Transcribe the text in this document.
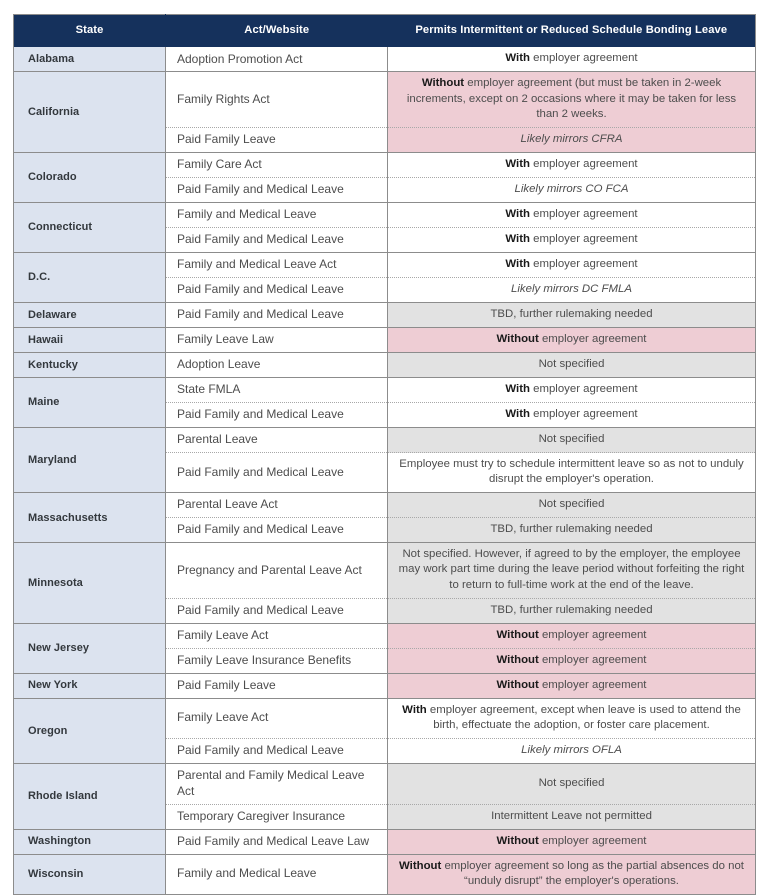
State	Act/Website	Permits Intermittent or Reduced Schedule Bonding Leave
Alabama	Adoption Promotion Act	With employer agreement
California	Family Rights Act	Without employer agreement (but must be taken in 2-week increments, except on 2 occasions where it may be taken for less than 2 weeks.
	Paid Family Leave	Likely mirrors CFRA
Colorado	Family Care Act	With employer agreement
	Paid Family and Medical Leave	Likely mirrors CO FCA
Connecticut	Family and Medical Leave	With employer agreement
	Paid Family and Medical Leave	With employer agreement
D.C.	Family and Medical Leave Act	With employer agreement
	Paid Family and Medical Leave	Likely mirrors DC FMLA
Delaware	Paid Family and Medical Leave	TBD, further rulemaking needed
Hawaii	Family Leave Law	Without employer agreement
Kentucky	Adoption Leave	Not specified
Maine	State FMLA	With employer agreement
	Paid Family and Medical Leave	With employer agreement
Maryland	Parental Leave	Not specified
	Paid Family and Medical Leave	Employee must try to schedule intermittent leave so as not to unduly disrupt the employer's operation.
Massachusetts	Parental Leave Act	Not specified
	Paid Family and Medical Leave	TBD, further rulemaking needed
Minnesota	Pregnancy and Parental Leave Act	Not specified. However, if agreed to by the employer, the employee may work part time during the leave period without forfeiting the right to return to full-time work at the end of the leave.
	Paid Family and Medical Leave	TBD, further rulemaking needed
New Jersey	Family Leave Act	Without employer agreement
	Family Leave Insurance Benefits	Without employer agreement
New York	Paid Family Leave	Without employer agreement
Oregon	Family Leave Act	With employer agreement, except when leave is used to attend the birth, effectuate the adoption, or foster care placement.
	Paid Family and Medical Leave	Likely mirrors OFLA
Rhode Island	Parental and Family Medical Leave Act	Not specified
	Temporary Caregiver Insurance	Intermittent Leave not permitted
Washington	Paid Family and Medical Leave Law	Without employer agreement
Wisconsin	Family and Medical Leave	Without employer agreement so long as the partial absences do not “unduly disrupt” the employer's operations.
